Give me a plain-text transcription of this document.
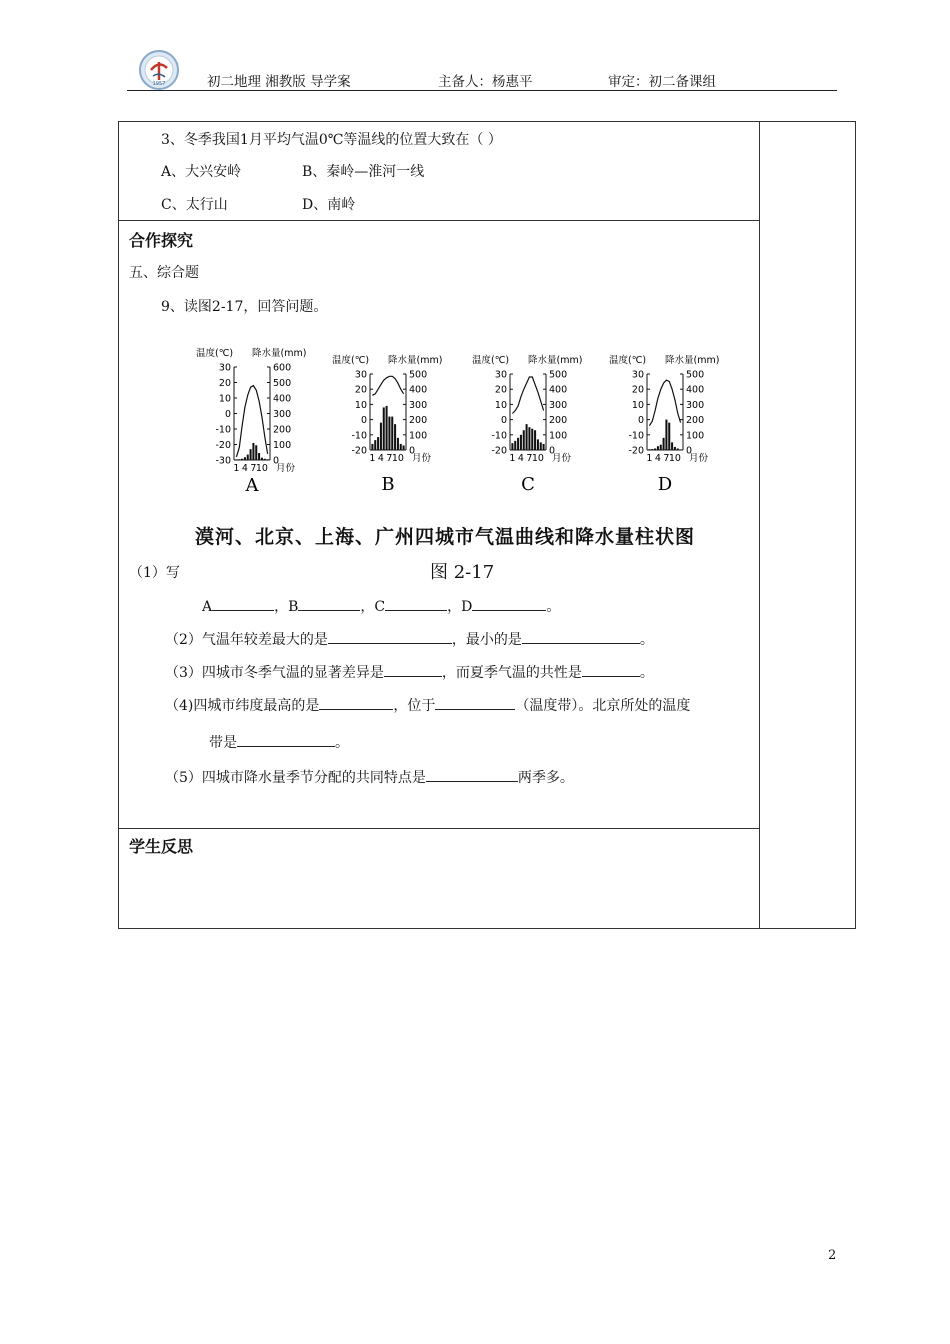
1957	初二地理 湘教版 导学案	主备人：杨惠平	审定：初二备课组
3、冬季我国1月平均气温0℃等温线的位置大致在（ ）
A、大兴安岭	B、秦岭—淮河一线
C、太行山	D、南岭
合作探究
五、综合题
9、读图2-17，回答问题。
温度(℃) 降水量(mm)
30
20
10
0
-10
-20
-30
600
500
400
300
200
100
0
1 4 7 10 月份
A
温度(℃) 降水量(mm)
30
20
10
0
-10
-20
500
400
300
200
100
0
1 4 7 10 月份
B
温度(℃) 降水量(mm)
30
20
10
0
-10
-20
500
400
300
200
100
0
1 4 7 10 月份
C
温度(℃) 降水量(mm)
30
20
10
0
-10
-20
500
400
300
200
100
0
1 4 7 10 月份
D
漠河、北京、上海、广州四城市气温曲线和降水量柱状图
（1）写	图 2-17
A	，B	，C	，D	。
（2）气温年较差最大的是	，最小的是	。
（3）四城市冬季气温的显著差异是	，而夏季气温的共性是	。
（4)四城市纬度最高的是	，位于	（温度带）。北京所处的温度
带是	。
（5）四城市降水量季节分配的共同特点是	两季多。
学生反思
2
